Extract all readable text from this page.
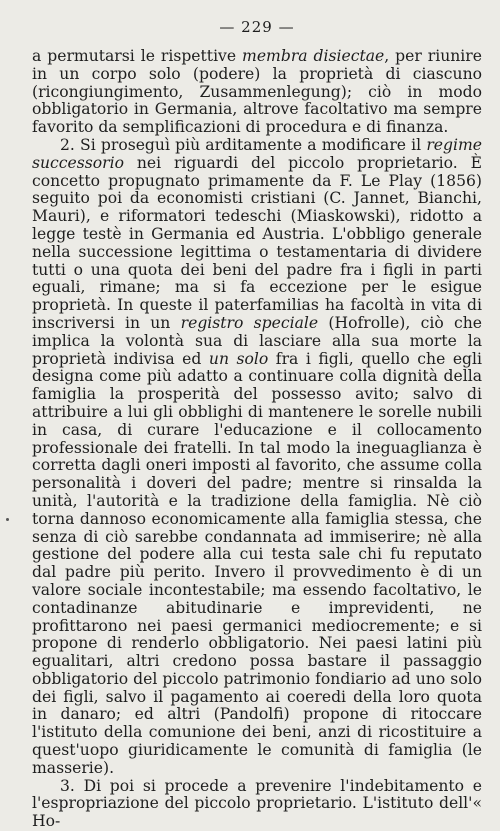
— 229 —

a permutarsi le rispettive membra disiectae, per riunire in un corpo solo (podere) la proprietà di ciascuno (ricongiungimento, Zusammenlegung); ciò in modo obbligatorio in Germania, altrove facoltativo ma sempre favorito da semplificazioni di procedura e di finanza.

2. Si proseguì più arditamente a modificare il regime successorio nei riguardi del piccolo proprietario. È concetto propugnato primamente da F. Le Play (1856) seguito poi da economisti cristiani (C. Jannet, Bianchi, Mauri), e riformatori tedeschi (Miaskowski), ridotto a legge testè in Germania ed Austria. L'obbligo generale nella successione legittima o testamentaria di dividere tutti o una quota dei beni del padre fra i figli in parti eguali, rimane; ma si fa eccezione per le esigue proprietà. In queste il paterfamilias ha facoltà in vita di inscriversi in un registro speciale (Hofrolle), ciò che implica la volontà sua di lasciare alla sua morte la proprietà indivisa ed un solo fra i figli, quello che egli designa come più adatto a continuare colla dignità della famiglia la prosperità del possesso avito; salvo di attribuire a lui gli obblighi di mantenere le sorelle nubili in casa, di curare l'educazione e il collocamento professionale dei fratelli. In tal modo la ineguaglianza è corretta dagli oneri imposti al favorito, che assume colla personalità i doveri del padre; mentre si rinsalda la unità, l'autorità e la tradizione della famiglia. Nè ciò torna dannoso economicamente alla famiglia stessa, che senza di ciò sarebbe condannata ad immiserire; nè alla gestione del podere alla cui testa sale chi fu reputato dal padre più perito. Invero il provvedimento è di un valore sociale incontestabile; ma essendo facoltativo, le contadinanze abitudinarie e imprevidenti, ne profittarono nei paesi germanici mediocremente; e si propone di renderlo obbligatorio. Nei paesi latini più egualitari, altri credono possa bastare il passaggio obbligatorio del piccolo patrimonio fondiario ad uno solo dei figli, salvo il pagamento ai coeredi della loro quota in danaro; ed altri (Pandolfi) propone di ritoccare l'istituto della comunione dei beni, anzi di ricostituire a quest'uopo giuridicamente le comunità di famiglia (le masserie).

3. Di poi si procede a prevenire l'indebitamento e l'espropriazione del piccolo proprietario. L'istituto dell'« Ho-
